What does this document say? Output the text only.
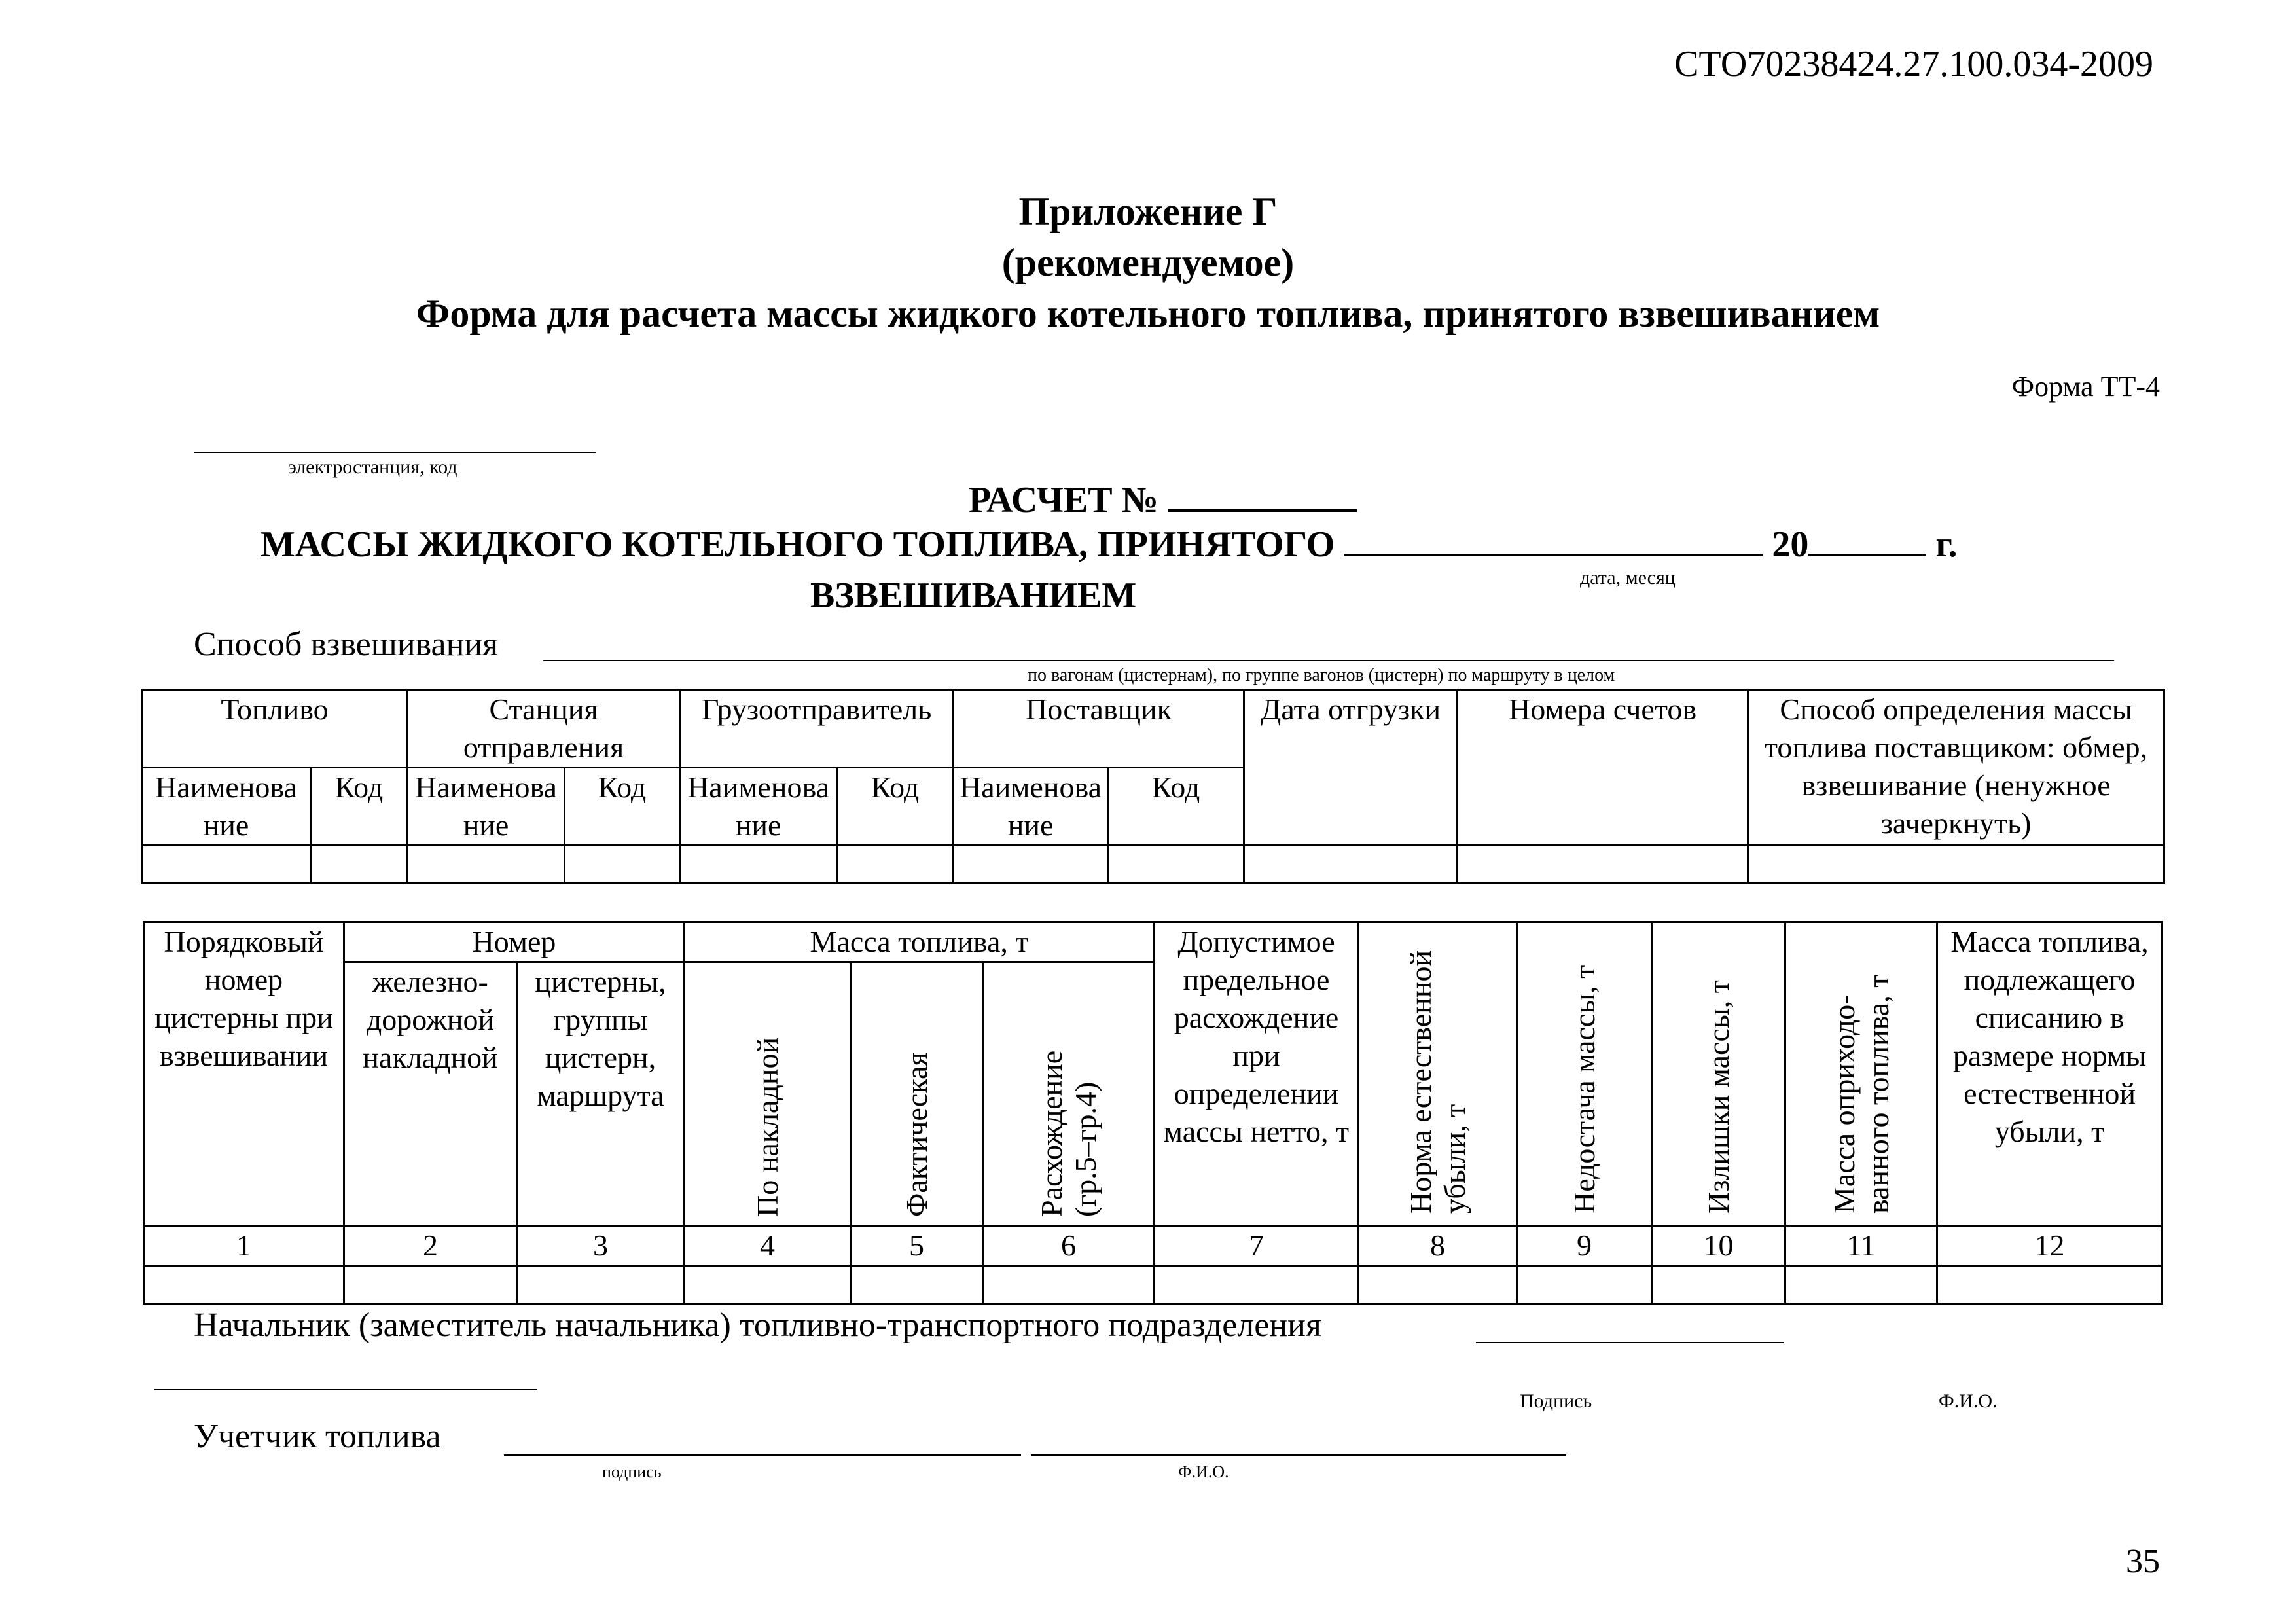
СТО70238424.27.100.034-2009
Приложение Г
(рекомендуемое)
Форма для расчета массы жидкого котельного топлива, принятого взвешиванием
Форма ТТ-4
электростанция, код
РАСЧЕТ №
МАССЫ ЖИДКОГО КОТЕЛЬНОГО ТОПЛИВА, ПРИНЯТОГО	20	г.
дата, месяц
ВЗВЕШИВАНИЕМ
Способ взвешивания
по вагонам (цистернам), по группе вагонов (цистерн) по маршруту в целом
Топливо		Станция отправления		Грузоотправитель		Поставщик		Дата отгрузки	Номера счетов	Способ определения массы топлива поставщиком: обмер, взвешивание (ненужное зачеркнуть)
Наименова ние	Код	Наименова ние	Код	Наименова ние	Код	Наименова ние	Код			

Порядковый номер цистерны при взвешивании	Номер		Масса топлива, т			Допустимое предельное расхождение при определении массы нетто, т	Норма естественной убыли, т	Недостача массы, т	Излишки массы, т	Масса оприходо-ванного топлива, т	Масса топлива, подлежащего списанию в размере нормы естественной убыли, т
	железно-дорожной накладной	цистерны, группы цистерн, маршрута	По накладной	Фактическая	Расхождение (гр.5–гр.4)						

1	2	3	4	5	6	7	8	9	10	11	12

Начальник (заместитель начальника) топливно-транспортного подразделения
Подпись	Ф.И.О.
Учетчик топлива
подпись	Ф.И.О.
35
